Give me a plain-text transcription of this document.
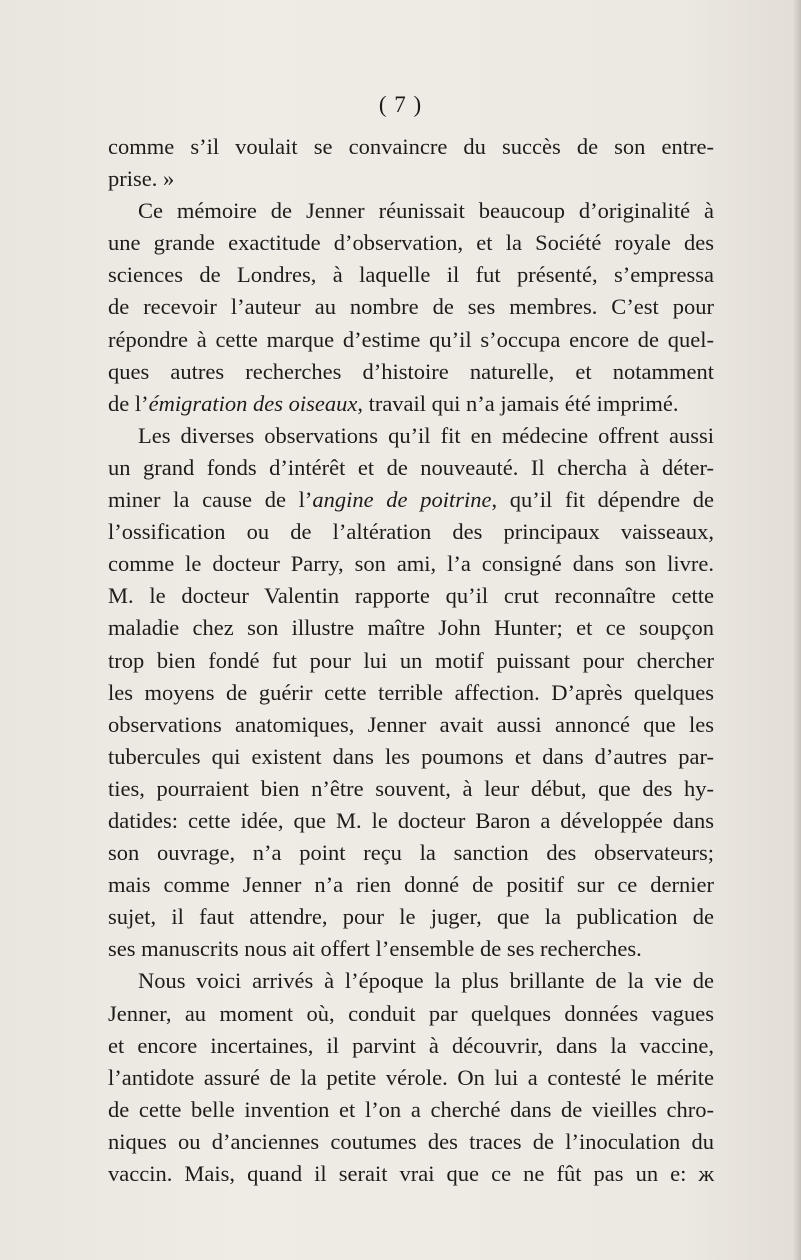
( 7 )
comme s’il voulait se convaincre du succès de son entre-
prise. »
Ce mémoire de Jenner réunissait beaucoup d’originalité à
une grande exactitude d’observation, et la Société royale des
sciences de Londres, à laquelle il fut présenté, s’empressa
de recevoir l’auteur au nombre de ses membres. C’est pour
répondre à cette marque d’estime qu’il s’occupa encore de quel-
ques autres recherches d’histoire naturelle, et notamment
de l’émigration des oiseaux, travail qui n’a jamais été imprimé.
Les diverses observations qu’il fit en médecine offrent aussi
un grand fonds d’intérêt et de nouveauté. Il chercha à déter-
miner la cause de l’angine de poitrine, qu’il fit dépendre de
l’ossification ou de l’altération des principaux vaisseaux,
comme le docteur Parry, son ami, l’a consigné dans son livre.
M. le docteur Valentin rapporte qu’il crut reconnaître cette
maladie chez son illustre maître John Hunter; et ce soupçon
trop bien fondé fut pour lui un motif puissant pour chercher
les moyens de guérir cette terrible affection. D’après quelques
observations anatomiques, Jenner avait aussi annoncé que les
tubercules qui existent dans les poumons et dans d’autres par-
ties, pourraient bien n’être souvent, à leur début, que des hy-
datides: cette idée, que M. le docteur Baron a développée dans
son ouvrage, n’a point reçu la sanction des observateurs;
mais comme Jenner n’a rien donné de positif sur ce dernier
sujet, il faut attendre, pour le juger, que la publication de
ses manuscrits nous ait offert l’ensemble de ses recherches.
Nous voici arrivés à l’époque la plus brillante de la vie de
Jenner, au moment où, conduit par quelques données vagues
et encore incertaines, il parvint à découvrir, dans la vaccine,
l’antidote assuré de la petite vérole. On lui a contesté le mérite
de cette belle invention et l’on a cherché dans de vieilles chro-
niques ou d’anciennes coutumes des traces de l’inoculation du
vaccin. Mais, quand il serait vrai que ce ne fût pas un e: ж
